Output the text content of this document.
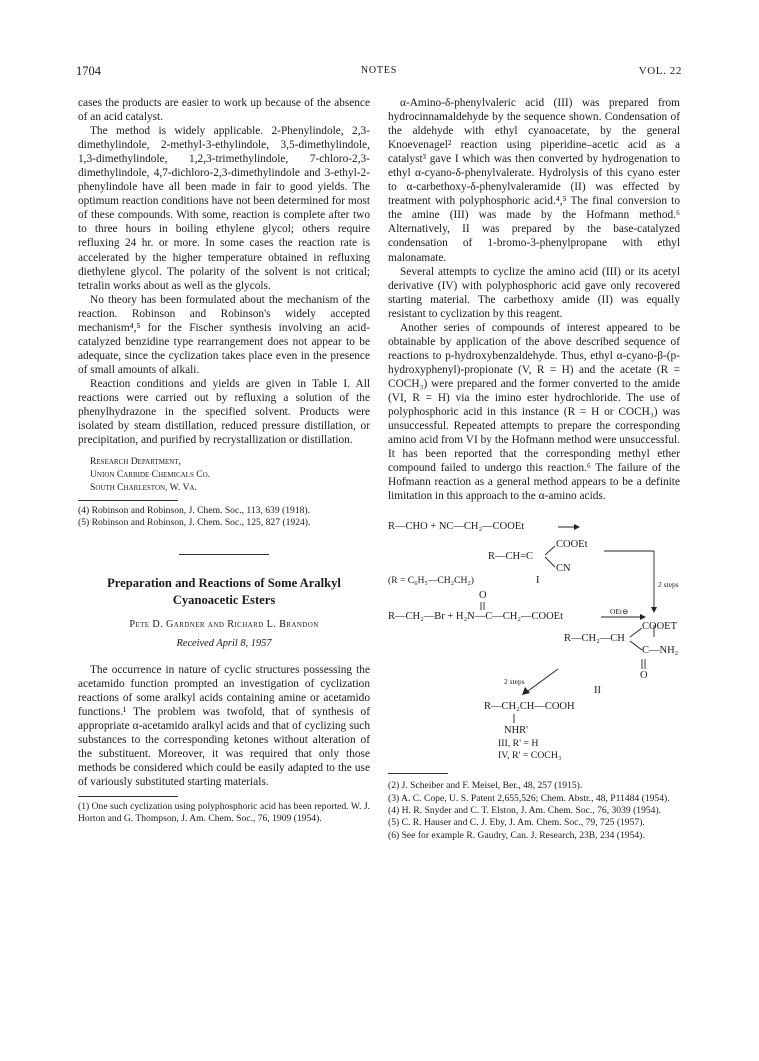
1704	NOTES	VOL. 22

cases the products are easier to work up because of the absence of an acid catalyst.

The method is widely applicable. 2-Phenylindole, 2,3-dimethylindole, 2-methyl-3-ethylindole, 3,5-dimethylindole, 1,3-dimethylindole, 1,2,3-trimethylindole, 7-chloro-2,3-dimethylindole, 4,7-dichloro-2,3-dimethylindole and 3-ethyl-2-phenylindole have all been made in fair to good yields. The optimum reaction conditions have not been determined for most of these compounds. With some, reaction is complete after two to three hours in boiling ethylene glycol; others require refluxing 24 hr. or more. In some cases the reaction rate is accelerated by the higher temperature obtained in refluxing diethylene glycol. The polarity of the solvent is not critical; tetralin works about as well as the glycols.

No theory has been formulated about the mechanism of the reaction. Robinson and Robinson's widely accepted mechanism⁴,⁵ for the Fischer synthesis involving an acid-catalyzed benzidine type rearrangement does not appear to be adequate, since the cyclization takes place even in the presence of small amounts of alkali.

Reaction conditions and yields are given in Table I. All reactions were carried out by refluxing a solution of the phenylhydrazone in the specified solvent. Products were isolated by steam distillation, reduced pressure distillation, or precipitation, and purified by recrystallization or distillation.

Research Department,
Union Carbide Chemicals Co.
South Charleston, W. Va.
(4) Robinson and Robinson, J. Chem. Soc., 113, 639 (1918).
(5) Robinson and Robinson, J. Chem. Soc., 125, 827 (1924).
Preparation and Reactions of Some Aralkyl Cyanoacetic Esters
Pete D. Gardner and Richard L. Brandon
Received April 8, 1957

The occurrence in nature of cyclic structures possessing the acetamido function prompted an investigation of cyclization reactions of some aralkyl acids containing amine or acetamido functions.¹ The problem was twofold, that of synthesis of appropriate α-acetamido aralkyl acids and that of cyclizing such substances to the corresponding ketones without alteration of the substituent. Moreover, it was required that only those methods be considered which could be easily adapted to the use of variously substituted starting materials.

(1) One such cyclization using polyphosphoric acid has been reported. W. J. Horton and G. Thompson, J. Am. Chem. Soc., 76, 1909 (1954).

α-Amino-δ-phenylvaleric acid (III) was prepared from hydrocinnamaldehyde by the sequence shown. Condensation of the aldehyde with ethyl cyanoacetate, by the general Knoevenagel² reaction using piperidine–acetic acid as a catalyst³ gave I which was then converted by hydrogenation to ethyl α-cyano-δ-phenylvalerate. Hydrolysis of this cyano ester to α-carbethoxy-δ-phenylvaleramide (II) was effected by treatment with polyphosphoric acid.⁴,⁵ The final conversion to the amine (III) was made by the Hofmann method.⁶ Alternatively, II was prepared by the base-catalyzed condensation of 1-bromo-3-phenylpropane with ethyl malonamate.

Several attempts to cyclize the amino acid (III) or its acetyl derivative (IV) with polyphosphoric acid gave only recovered starting material. The carbethoxy amide (II) was equally resistant to cyclization by this reagent.

Another series of compounds of interest appeared to be obtainable by application of the above described sequence of reactions to p-hydroxybenzaldehyde. Thus, ethyl α-cyano-β-(p-hydroxyphenyl)-propionate (V, R = H) and the acetate (R = COCH₃) were prepared and the former converted to the amide (VI, R = H) via the imino ester hydrochloride. The use of polyphosphoric acid in this instance (R = H or COCH₃) was unsuccessful. Repeated attempts to prepare the corresponding amino acid from VI by the Hofmann method were unsuccessful. It has been reported that the corresponding methyl ether compound failed to undergo this reaction.⁶ The failure of the Hofmann reaction as a general method appears to be a definite limitation in this approach to the α-amino acids.

R—CHO + NC—CH₂—COOEt
COOEt
R—CH=C
CN
(R = C₆H₅—CH₂CH₂)	I	2 steps
O
OEt⊖
R—CH₂—Br + H₂N—C—CH₂—COOEt
COOET
R—CH₂—CH
C—NH₂
O
2 steps
II
R—CH₂CH—COOH
NHR'
III, R' = H
IV, R' = COCH₃
(2) J. Scheiber and F. Meisel, Ber., 48, 257 (1915).
(3) A. C. Cope, U. S. Patent 2,655,526; Chem. Abstr., 48, P11484 (1954).
(4) H. R. Snyder and C. T. Elston, J. Am. Chem. Soc., 76, 3039 (1954).
(5) C. R. Hauser and C. J. Eby, J. Am. Chem. Soc., 79, 725 (1957).
(6) See for example R. Gaudry, Can. J. Research, 23B, 234 (1954).
